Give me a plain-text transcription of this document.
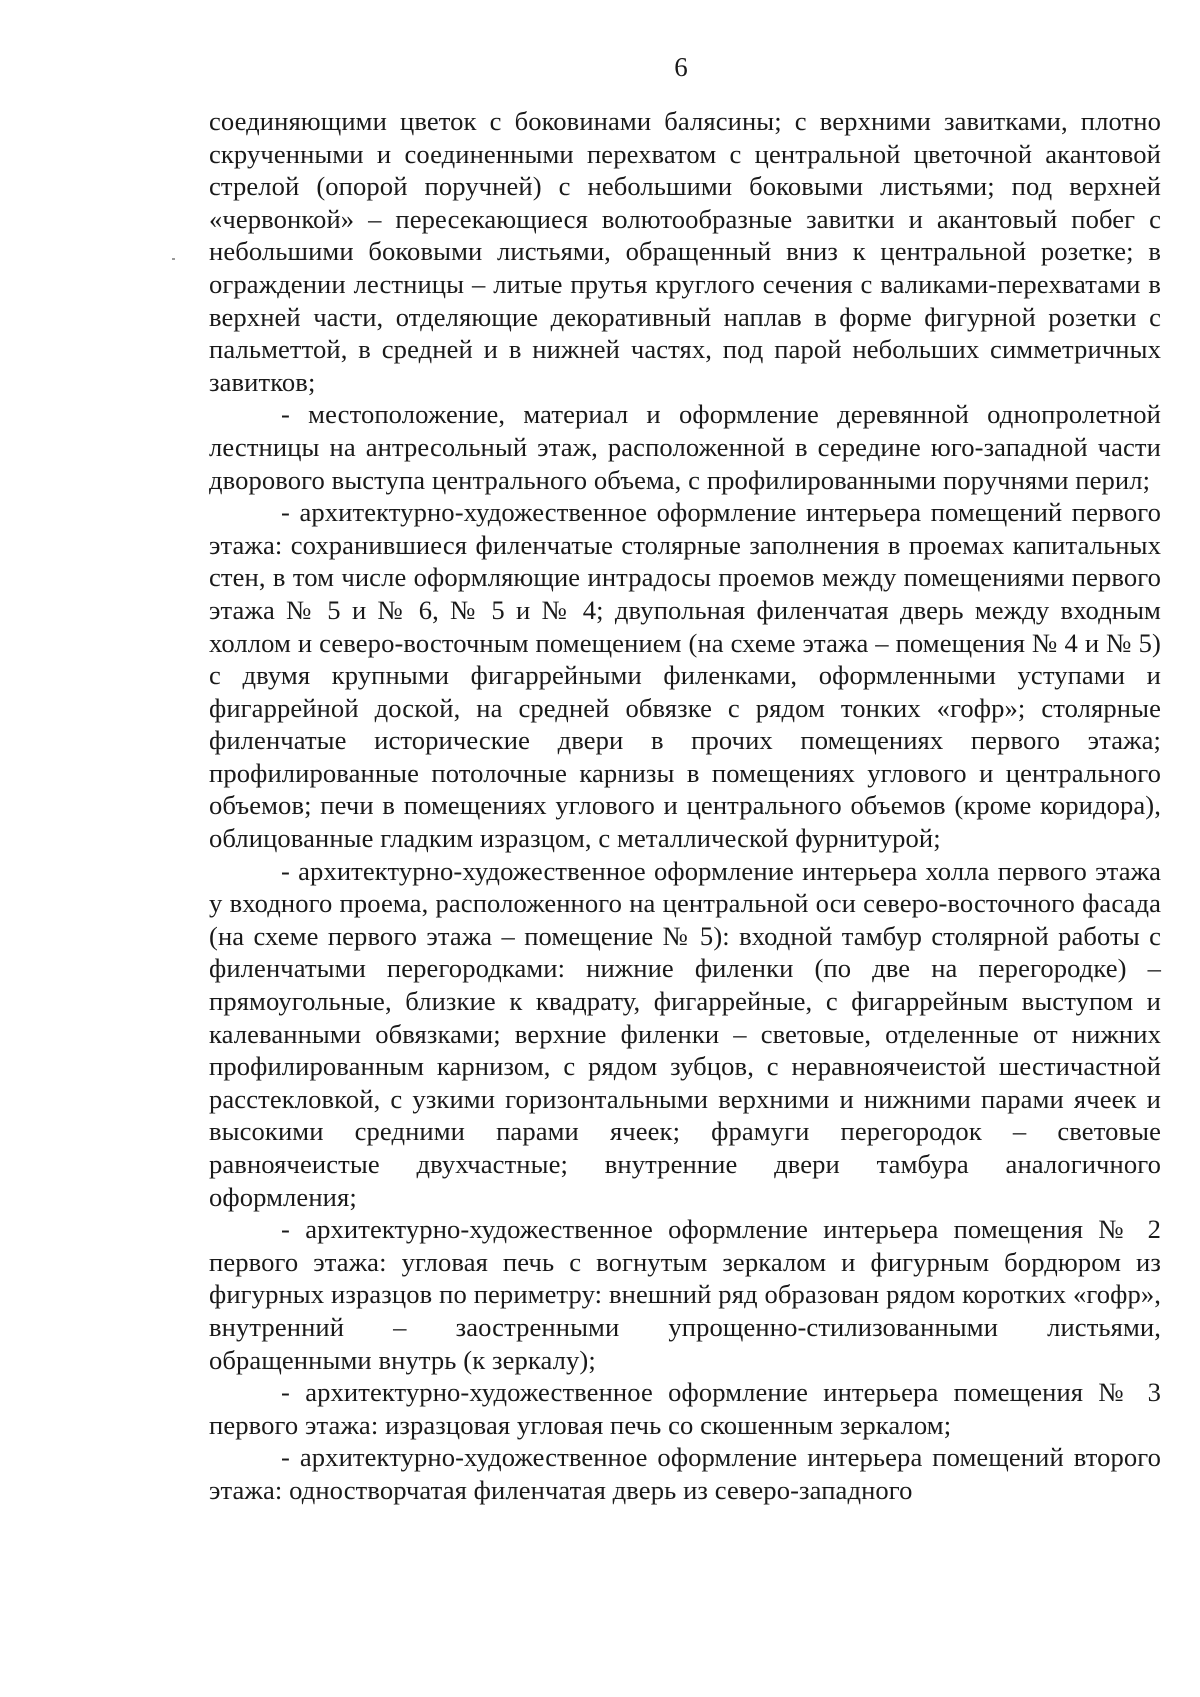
6

соединяющими цветок с боковинами балясины; с верхними завитками, плотно скрученными и соединенными перехватом с центральной цветочной акантовой стрелой (опорой поручней) с небольшими боковыми листьями; под верхней «червонкой» – пересекающиеся волютообразные завитки и акантовый побег с небольшими боковыми листьями, обращенный вниз к центральной розетке; в ограждении лестницы – литые прутья круглого сечения с валиками-перехватами в верхней части, отделяющие декоративный наплав в форме фигурной розетки с пальметтой, в средней и в нижней частях, под парой небольших симметричных завитков;

- местоположение, материал и оформление деревянной однопролетной лестницы на антресольный этаж, расположенной в середине юго-западной части дворового выступа центрального объема, с профилированными поручнями перил;

- архитектурно-художественное оформление интерьера помещений первого этажа: сохранившиеся филенчатые столярные заполнения в проемах капитальных стен, в том числе оформляющие интрадосы проемов между помещениями первого этажа № 5 и № 6, № 5 и № 4; двупольная филенчатая дверь между входным холлом и северо-восточным помещением (на схеме этажа – помещения № 4 и № 5) с двумя крупными фигаррейными филенками, оформленными уступами и фигаррейной доской, на средней обвязке с рядом тонких «гофр»; столярные филенчатые исторические двери в прочих помещениях первого этажа; профилированные потолочные карнизы в помещениях углового и центрального объемов; печи в помещениях углового и центрального объемов (кроме коридора), облицованные гладким изразцом, с металлической фурнитурой;

- архитектурно-художественное оформление интерьера холла первого этажа у входного проема, расположенного на центральной оси северо-восточного фасада (на схеме первого этажа – помещение № 5): входной тамбур столярной работы с филенчатыми перегородками: нижние филенки (по две на перегородке) – прямоугольные, близкие к квадрату, фигаррейные, с фигаррейным выступом и калеванными обвязками; верхние филенки – световые, отделенные от нижних профилированным карнизом, с рядом зубцов, с неравноячеистой шестичастной расстекловкой, с узкими горизонтальными верхними и нижними парами ячеек и высокими средними парами ячеек; фрамуги перегородок – световые равноячеистые двухчастные; внутренние двери тамбура аналогичного оформления;

- архитектурно-художественное оформление интерьера помещения № 2 первого этажа: угловая печь с вогнутым зеркалом и фигурным бордюром из фигурных изразцов по периметру: внешний ряд образован рядом коротких «гофр», внутренний – заостренными упрощенно-стилизованными листьями, обращенными внутрь (к зеркалу);

- архитектурно-художественное оформление интерьера помещения № 3 первого этажа: изразцовая угловая печь со скошенным зеркалом;

- архитектурно-художественное оформление интерьера помещений второго этажа: одностворчатая филенчатая дверь из северо-западного
